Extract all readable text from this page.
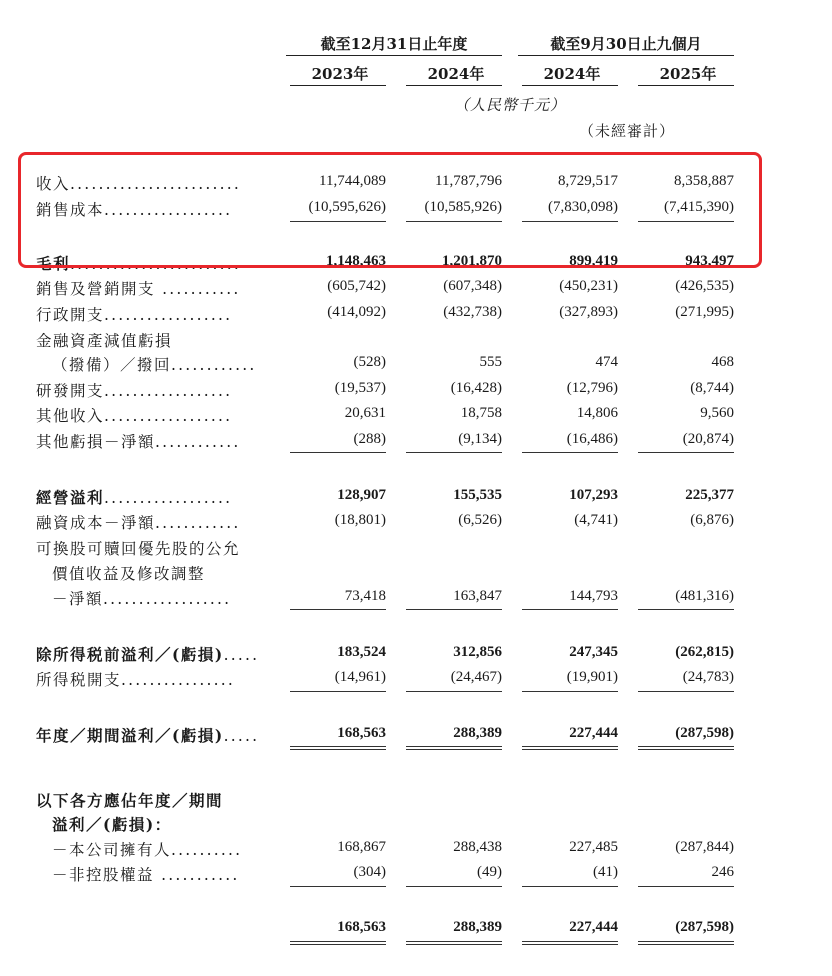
截至12月31日止年度	截至9月30日止九個月
2023年	2024年	2024年	2025年
（人民幣千元）
（未經審計）
收入........................	11,744,089	11,787,796	8,729,517	8,358,887
銷售成本..................	(10,595,626)	(10,585,926)	(7,830,098)	(7,415,390)
毛利........................	1,148,463	1,201,870	899,419	943,497
銷售及營銷開支 ...........	(605,742)	(607,348)	(450,231)	(426,535)
行政開支..................	(414,092)	(432,738)	(327,893)	(271,995)
金融資產減值虧損
（撥備）／撥回............	(528)	555	474	468
研發開支..................	(19,537)	(16,428)	(12,796)	(8,744)
其他收入..................	20,631	18,758	14,806	9,560
其他虧損－淨額............	(288)	(9,134)	(16,486)	(20,874)
經營溢利..................	128,907	155,535	107,293	225,377
融資成本－淨額............	(18,801)	(6,526)	(4,741)	(6,876)
可換股可贖回優先股的公允
價值收益及修改調整
－淨額..................	73,418	163,847	144,793	(481,316)
除所得税前溢利／(虧損).....	183,524	312,856	247,345	(262,815)
所得税開支................	(14,961)	(24,467)	(19,901)	(24,783)
年度／期間溢利／(虧損).....	168,563	288,389	227,444	(287,598)
以下各方應佔年度／期間
溢利／(虧損)：
－本公司擁有人..........	168,867	288,438	227,485	(287,844)
－非控股權益 ...........	(304)	(49)	(41)	246
168,563	288,389	227,444	(287,598)
